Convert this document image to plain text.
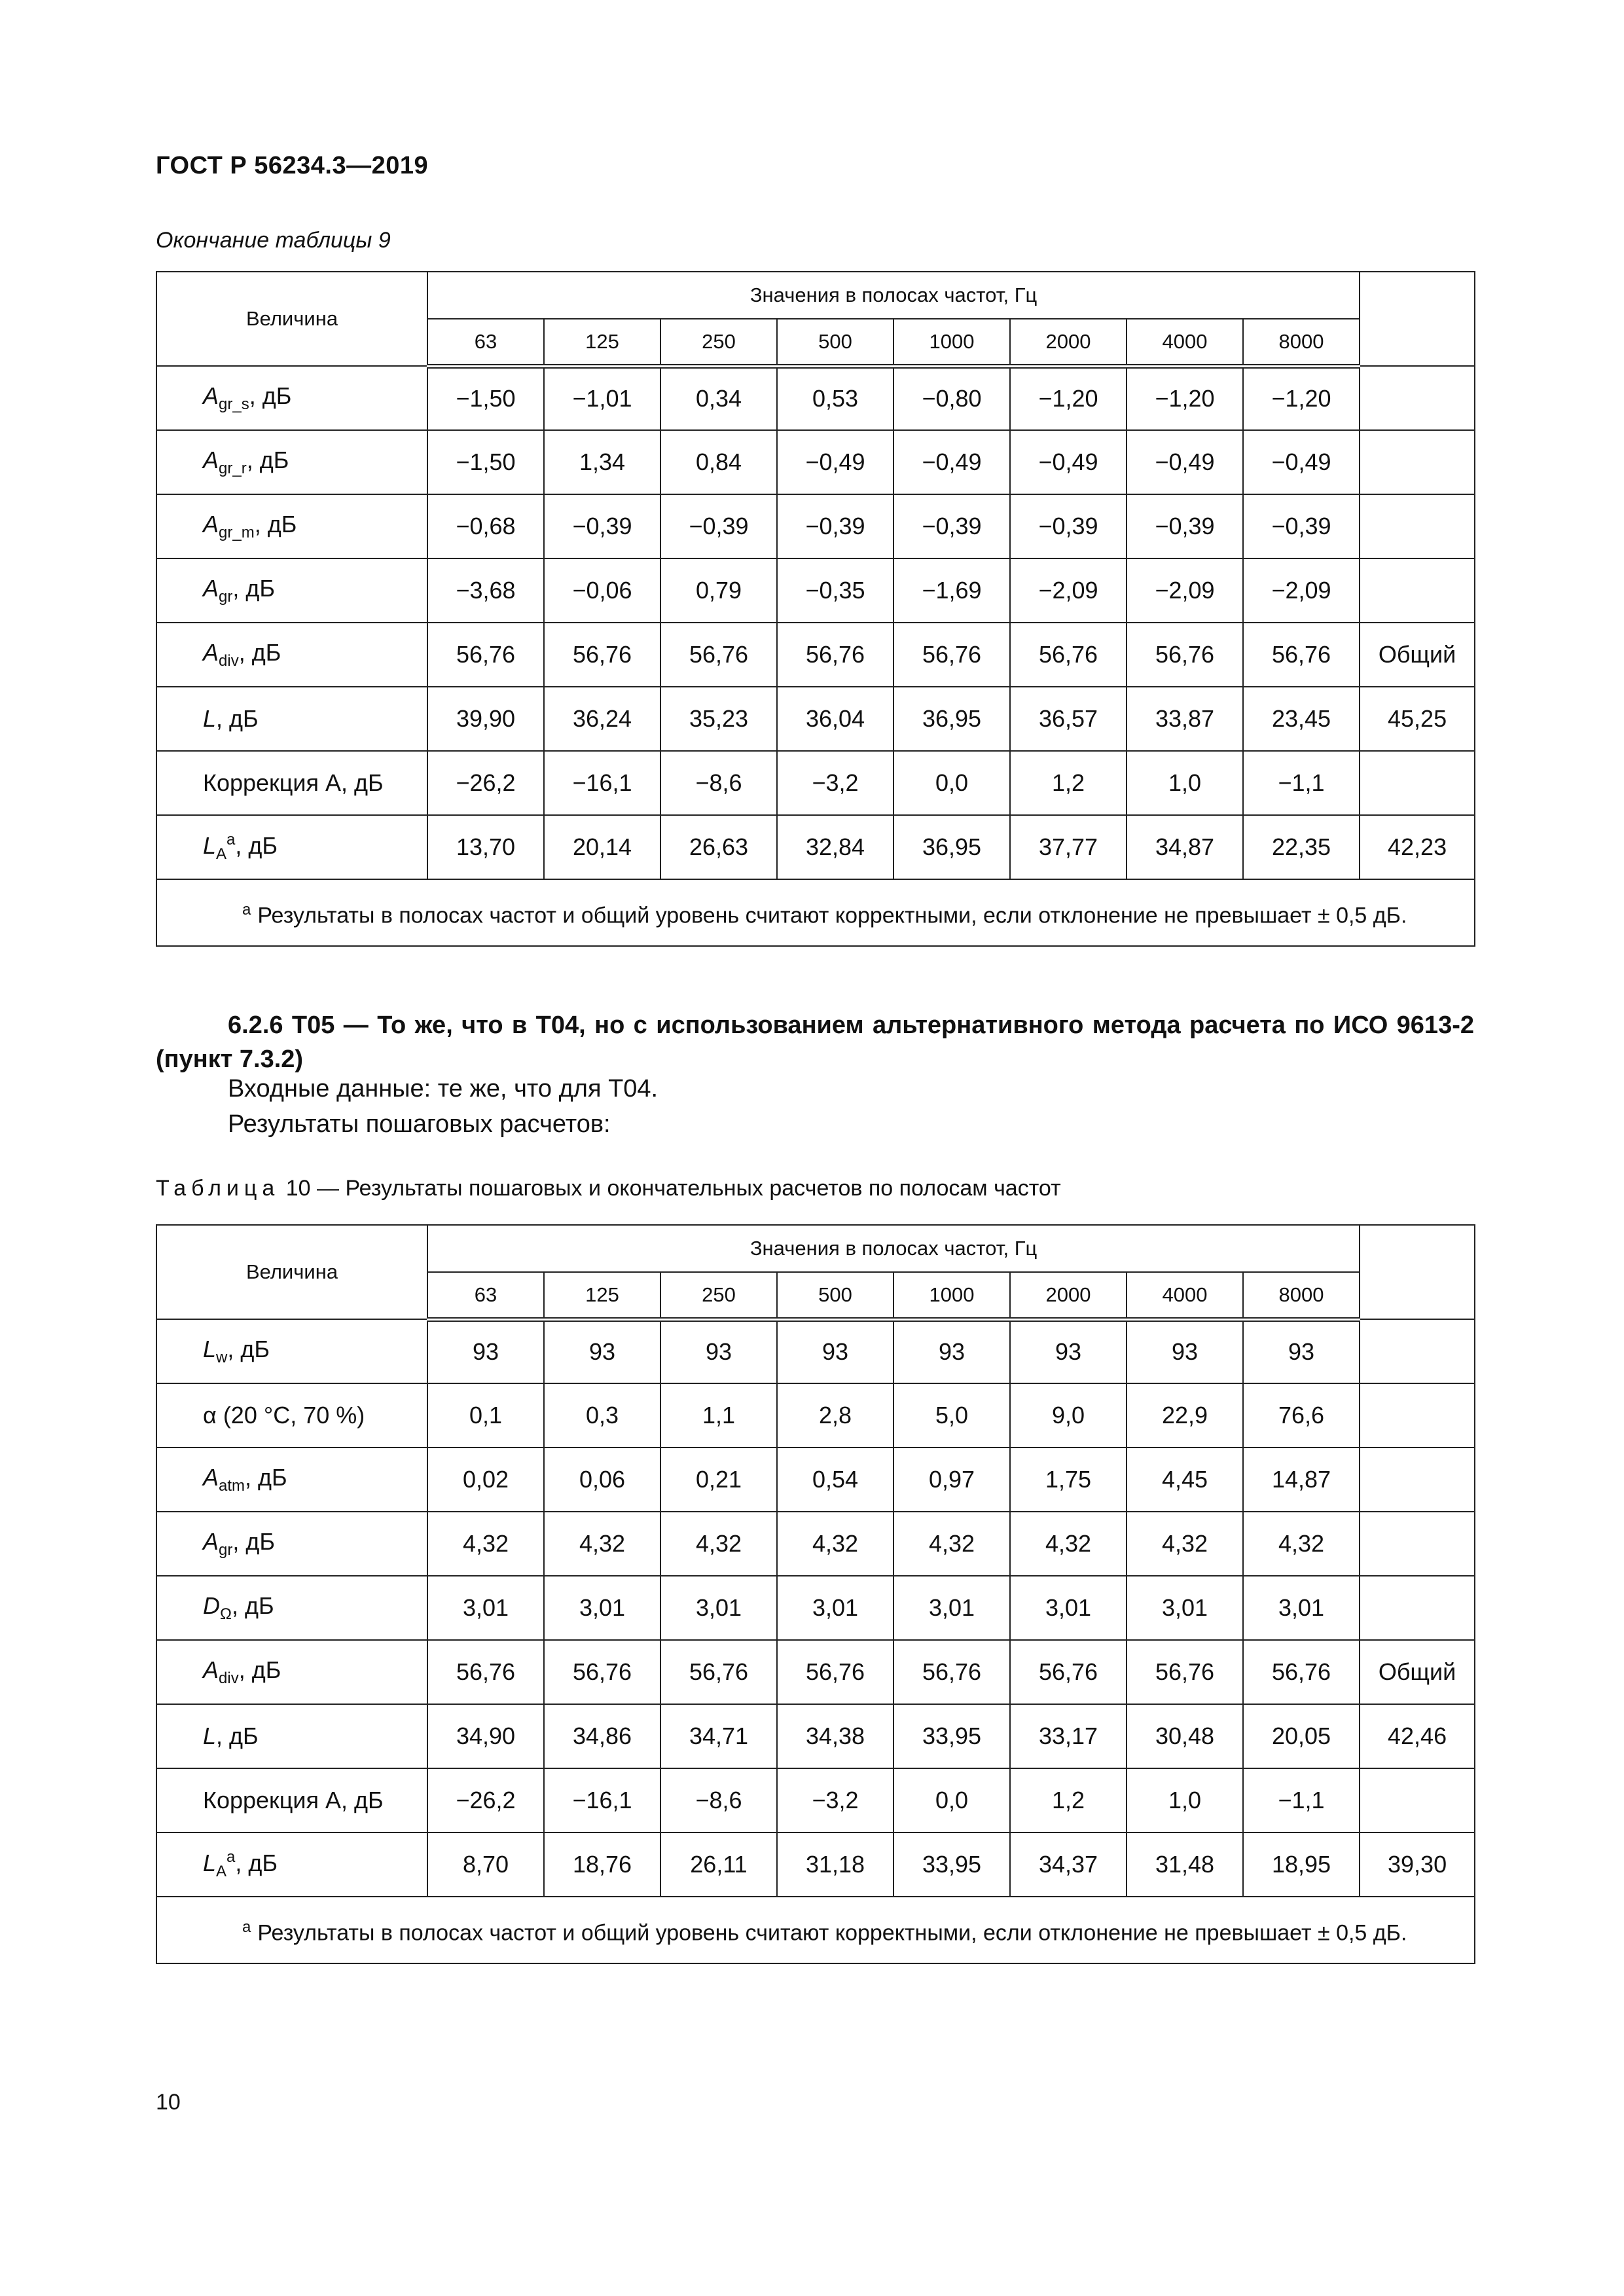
ГОСТ Р 56234.3—2019
Окончание таблицы 9
Величина	Значения в полосах частот, Гц								
	63	125	250	500	1000	2000	4000	8000	
$A_{gr\_s}$, дБ	−1,50	−1,01	0,34	0,53	−0,80	−1,20	−1,20	−1,20	
$A_{gr\_r}$, дБ	−1,50	1,34	0,84	−0,49	−0,49	−0,49	−0,49	−0,49	
$A_{gr\_m}$, дБ	−0,68	−0,39	−0,39	−0,39	−0,39	−0,39	−0,39	−0,39	
$A_{gr}$, дБ	−3,68	−0,06	0,79	−0,35	−1,69	−2,09	−2,09	−2,09	
$A_{div}$, дБ	56,76	56,76	56,76	56,76	56,76	56,76	56,76	56,76	Общий
L, дБ	39,90	36,24	35,23	36,04	36,95	36,57	33,87	23,45	45,25
Коррекция A, дБ	−26,2	−16,1	−8,6	−3,2	0,0	1,2	1,0	−1,1	
$L_A^a$, дБ	13,70	20,14	26,63	32,84	36,95	37,77	34,87	22,35	42,23
$^a$ Результаты в полосах частот и общий уровень считают корректными, если отклонение не превышает ± 0,5 дБ.									
6.2.6 T05 — То же, что в T04, но с использованием альтернативного метода расчета по ИСО 9613-2 (пункт 7.3.2)
Входные данные: те же, что для T04.
Результаты пошаговых расчетов:
Таблица 10 — Результаты пошаговых и окончательных расчетов по полосам частот
Величина	Значения в полосах частот, Гц								
	63	125	250	500	1000	2000	4000	8000	
$L_w$, дБ	93	93	93	93	93	93	93	93	
α (20 °C, 70 %)	0,1	0,3	1,1	2,8	5,0	9,0	22,9	76,6	
$A_{atm}$, дБ	0,02	0,06	0,21	0,54	0,97	1,75	4,45	14,87	
$A_{gr}$, дБ	4,32	4,32	4,32	4,32	4,32	4,32	4,32	4,32	
$D_\Omega$, дБ	3,01	3,01	3,01	3,01	3,01	3,01	3,01	3,01	
$A_{div}$, дБ	56,76	56,76	56,76	56,76	56,76	56,76	56,76	56,76	Общий
L, дБ	34,90	34,86	34,71	34,38	33,95	33,17	30,48	20,05	42,46
Коррекция A, дБ	−26,2	−16,1	−8,6	−3,2	0,0	1,2	1,0	−1,1	
$L_A^a$, дБ	8,70	18,76	26,11	31,18	33,95	34,37	31,48	18,95	39,30
$^a$ Результаты в полосах частот и общий уровень считают корректными, если отклонение не превышает ± 0,5 дБ.									
10
